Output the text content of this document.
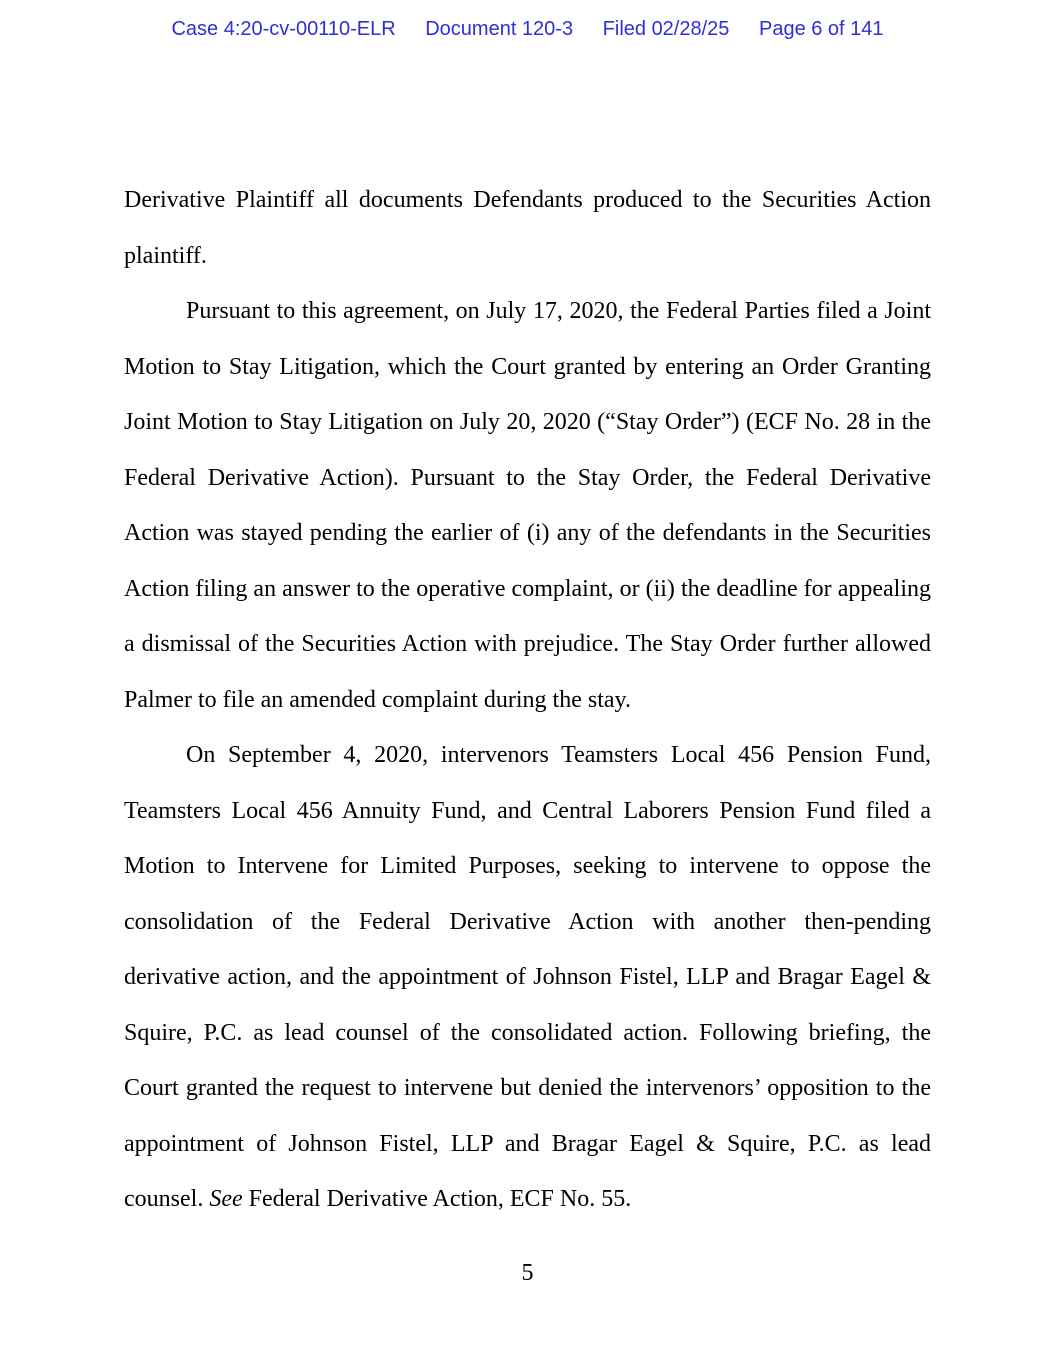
Case 4:20-cv-00110-ELR Document 120-3 Filed 02/28/25 Page 6 of 141

Derivative Plaintiff all documents Defendants produced to the Securities Action plaintiff.

Pursuant to this agreement, on July 17, 2020, the Federal Parties filed a Joint Motion to Stay Litigation, which the Court granted by entering an Order Granting Joint Motion to Stay Litigation on July 20, 2020 (“Stay Order”) (ECF No. 28 in the Federal Derivative Action). Pursuant to the Stay Order, the Federal Derivative Action was stayed pending the earlier of (i) any of the defendants in the Securities Action filing an answer to the operative complaint, or (ii) the deadline for appealing a dismissal of the Securities Action with prejudice. The Stay Order further allowed Palmer to file an amended complaint during the stay.

On September 4, 2020, intervenors Teamsters Local 456 Pension Fund, Teamsters Local 456 Annuity Fund, and Central Laborers Pension Fund filed a Motion to Intervene for Limited Purposes, seeking to intervene to oppose the consolidation of the Federal Derivative Action with another then-pending derivative action, and the appointment of Johnson Fistel, LLP and Bragar Eagel & Squire, P.C. as lead counsel of the consolidated action. Following briefing, the Court granted the request to intervene but denied the intervenors’ opposition to the appointment of Johnson Fistel, LLP and Bragar Eagel & Squire, P.C. as lead counsel. See Federal Derivative Action, ECF No. 55.

5
